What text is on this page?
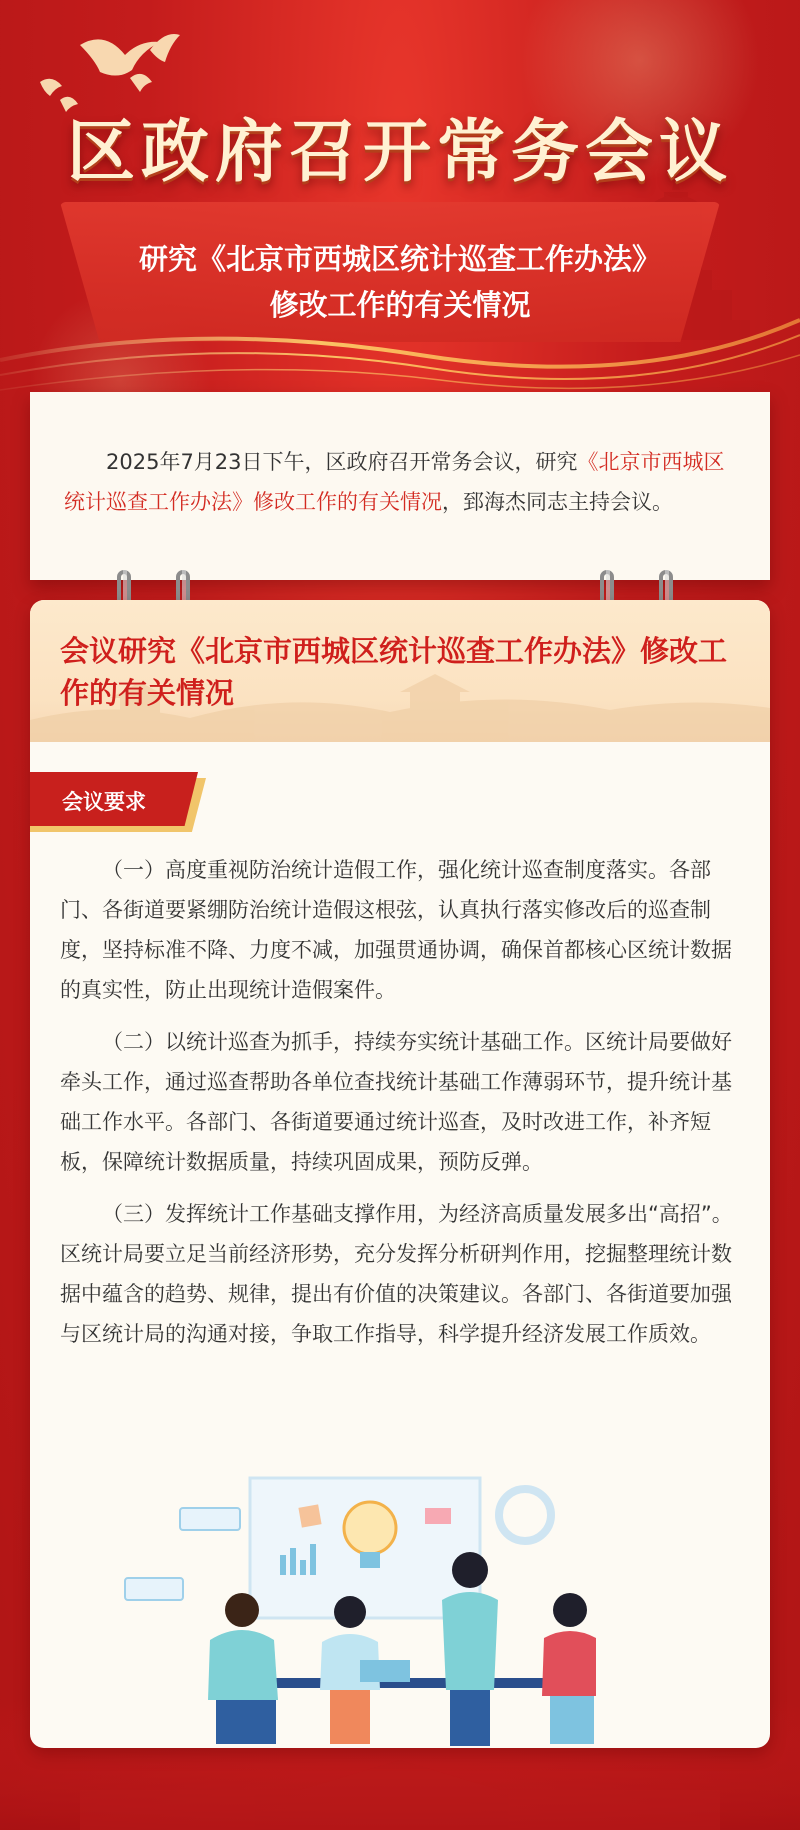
区政府召开常务会议
研究《北京市西城区统计巡查工作办法》
修改工作的有关情况
2025年7月23日下午，区政府召开常务会议，研究《北京市西城区统计巡查工作办法》修改工作的有关情况，郅海杰同志主持会议。
会议研究《北京市西城区统计巡查工作办法》修改工作的有关情况
会议要求

（一）高度重视防治统计造假工作，强化统计巡查制度落实。各部门、各街道要紧绷防治统计造假这根弦，认真执行落实修改后的巡查制度，坚持标准不降、力度不减，加强贯通协调，确保首都核心区统计数据的真实性，防止出现统计造假案件。

（二）以统计巡查为抓手，持续夯实统计基础工作。区统计局要做好牵头工作，通过巡查帮助各单位查找统计基础工作薄弱环节，提升统计基础工作水平。各部门、各街道要通过统计巡查，及时改进工作，补齐短板，保障统计数据质量，持续巩固成果，预防反弹。

（三）发挥统计工作基础支撑作用，为经济高质量发展多出“高招”。区统计局要立足当前经济形势，充分发挥分析研判作用，挖掘整理统计数据中蕴含的趋势、规律，提出有价值的决策建议。各部门、各街道要加强与区统计局的沟通对接，争取工作指导，科学提升经济发展工作质效。
